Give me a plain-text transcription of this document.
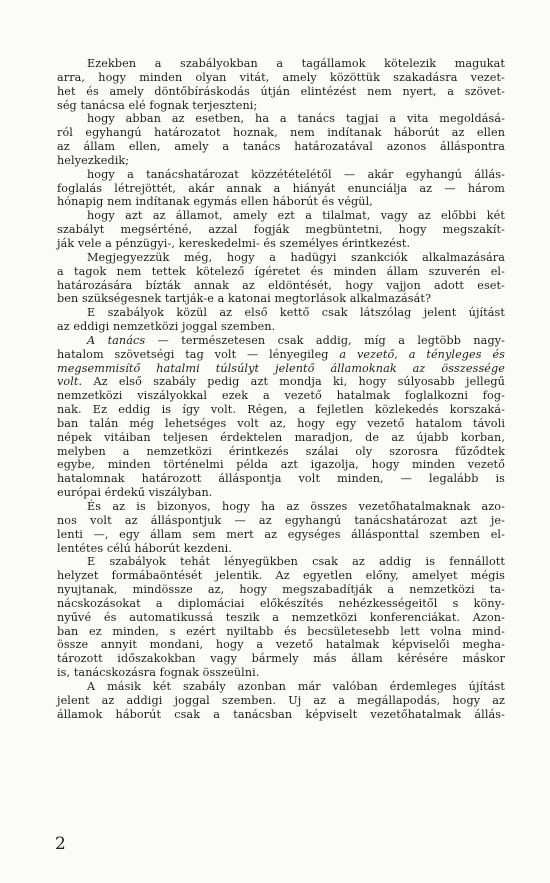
Ezekben a szabályokban a tagállamok kötelezik magukat
arra, hogy minden olyan vitát, amely közöttük szakadásra vezet-
het és amely döntőbíráskodás útján elintézést nem nyert, a szövet-
ség tanácsa elé fognak terjeszteni;
hogy abban az esetben, ha a tanács tagjai a vita megoldásá-
ról egyhangú határozatot hoznak, nem indítanak háborút az ellen
az állam ellen, amely a tanács határozatával azonos álláspontra
helyezkedik;
hogy a tanácshatározat közzétételétől — akár egyhangú állás-
foglalás létrejöttét, akár annak a hiányát enunciálja az — három
hónapig nem indítanak egymás ellen háborút és végül,
hogy azt az államot, amely ezt a tilalmat, vagy az előbbi két
szabályt megsérténé, azzal fogják megbüntetni, hogy megszakít-
ják vele a pénzügyi-, kereskedelmi- és személyes érintkezést.
Megjegyezzük még, hogy a hadügyi szankciók alkalmazására
a tagok nem tettek kötelező ígéretet és minden állam szuverén el-
határozására bízták annak az eldöntését, hogy vajjon adott eset-
ben szükségesnek tartják-e a katonai megtorlások alkalmazását?
E szabályok közül az első kettő csak látszólag jelent újítást
az eddigi nemzetközi joggal szemben.
A tanács — természetesen csak addig, míg a legtöbb nagy-
hatalom szövetségi tag volt — lényegileg a vezető, a tényleges és
megsemmisítő hatalmi túlsúlyt jelentő államoknak az összessége
volt. Az első szabály pedig azt mondja ki, hogy súlyosabb jellegű
nemzetközi viszályokkal ezek a vezető hatalmak foglalkozni fog-
nak. Ez eddig is így volt. Régen, a fejletlen közlekedés korszaká-
ban talán még lehetséges volt az, hogy egy vezető hatalom távoli
népek vitáiban teljesen érdektelen maradjon, de az újabb korban,
melyben a nemzetközi érintkezés szálai oly szorosra fűződtek
egybe, minden történelmi példa azt igazolja, hogy minden vezető
hatalomnak határozott álláspontja volt minden, — legalább is
európai érdekű viszályban.
És az is bizonyos, hogy ha az összes vezetőhatalmaknak azo-
nos volt az álláspontjuk — az egyhangú tanácshatározat azt je-
lenti —, egy állam sem mert az egységes állásponttal szemben el-
lentétes célú háborút kezdeni.
E szabályok tehát lényegükben csak az addig is fennállott
helyzet formábaöntését jelentik. Az egyetlen előny, amelyet mégis
nyujtanak, mindössze az, hogy megszabadítják a nemzetközi ta-
nácskozásokat a diplomáciai előkészítés nehézkességeitől s köny-
nyűvé és automatikussá teszik a nemzetközi konferenciákat. Azon-
ban ez minden, s ezért nyiltabb és becsületesebb lett volna mind-
össze annyit mondani, hogy a vezető hatalmak képviselői megha-
tározott időszakokban vagy bármely más állam kérésére máskor
is, tanácskozásra fognak összeülni.
A másik két szabály azonban már valóban érdemleges újítást
jelent az addigi joggal szemben. Uj az a megállapodás, hogy az
államok háborút csak a tanácsban képviselt vezetőhatalmak állás-
2
